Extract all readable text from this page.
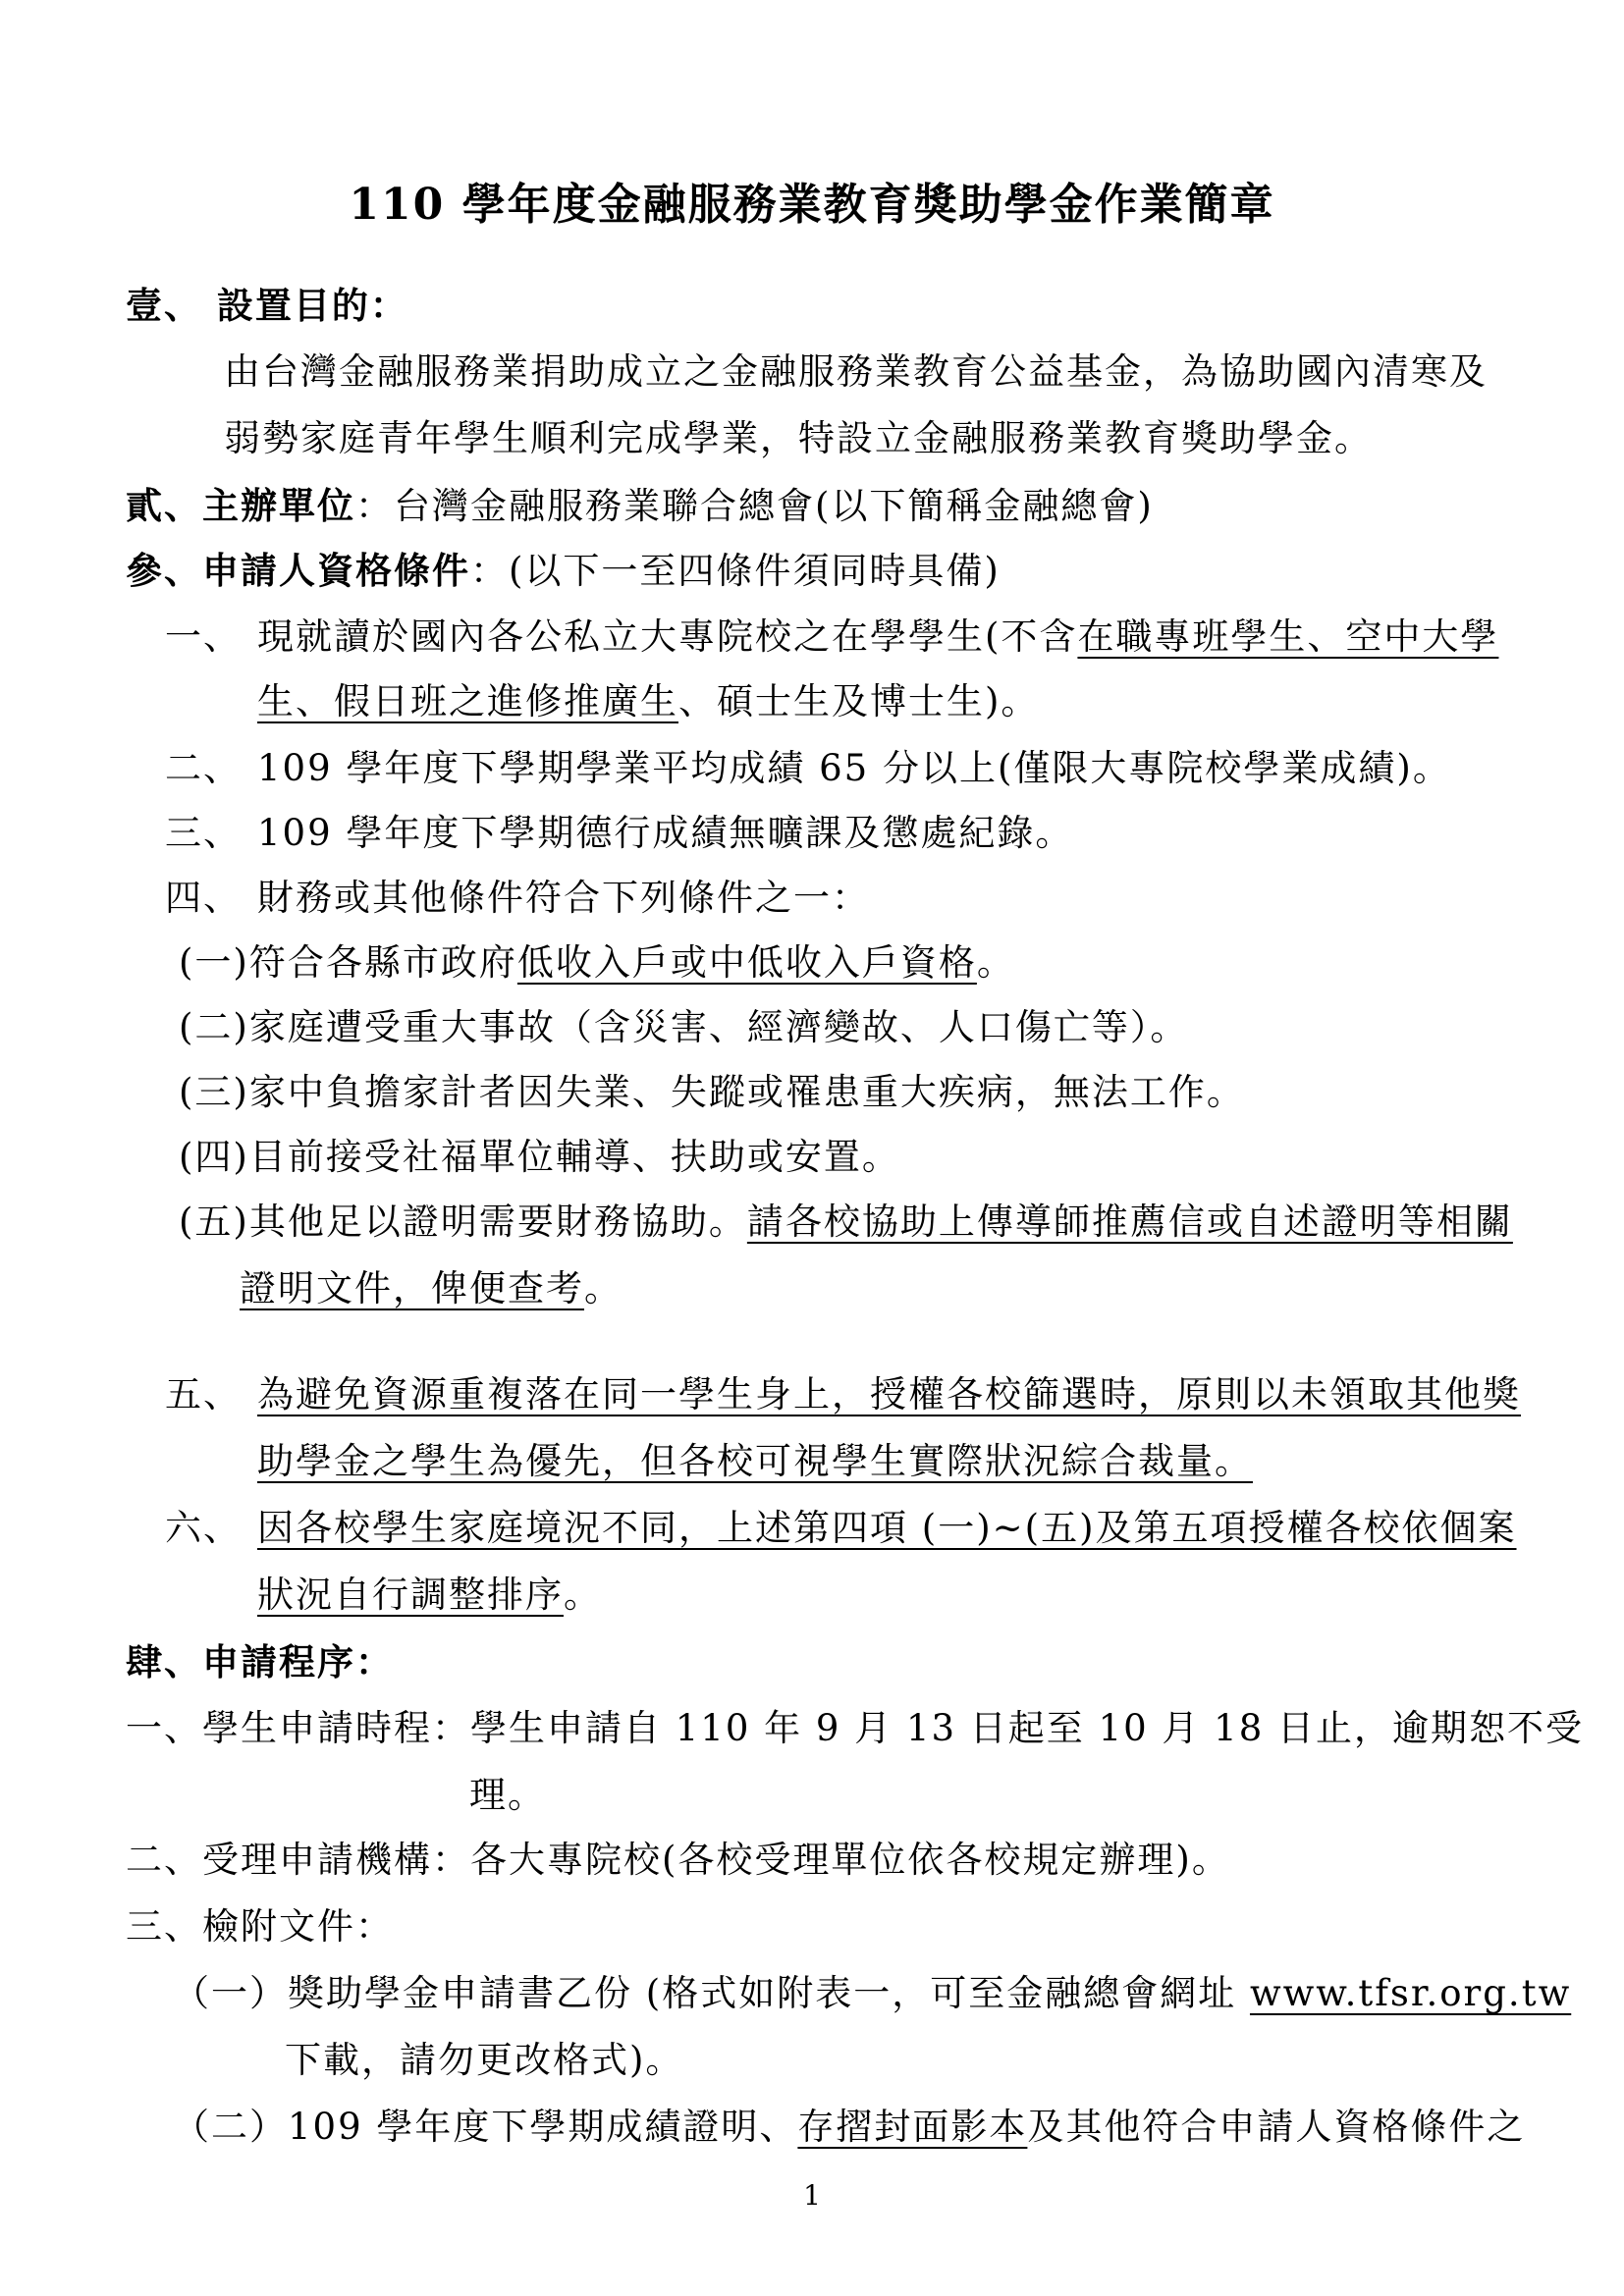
110 學年度金融服務業教育獎助學金作業簡章
壹、 設置目的：
由台灣金融服務業捐助成立之金融服務業教育公益基金，為協助國內清寒及
弱勢家庭青年學生順利完成學業，特設立金融服務業教育獎助學金。
貳、主辦單位：台灣金融服務業聯合總會(以下簡稱金融總會)
參、申請人資格條件：(以下一至四條件須同時具備)
一、 現就讀於國內各公私立大專院校之在學學生(不含在職專班學生、空中大學
生、假日班之進修推廣生、碩士生及博士生)。
二、 109 學年度下學期學業平均成績 65 分以上(僅限大專院校學業成績)。
三、 109 學年度下學期德行成績無曠課及懲處紀錄。
四、 財務或其他條件符合下列條件之一：
(一)符合各縣市政府低收入戶或中低收入戶資格。
(二)家庭遭受重大事故（含災害、經濟變故、人口傷亡等）。
(三)家中負擔家計者因失業、失蹤或罹患重大疾病，無法工作。
(四)目前接受社福單位輔導、扶助或安置。
(五)其他足以證明需要財務協助。請各校協助上傳導師推薦信或自述證明等相關
證明文件，俾便查考。
五、 為避免資源重複落在同一學生身上，授權各校篩選時，原則以未領取其他獎
助學金之學生為優先，但各校可視學生實際狀況綜合裁量。
六、 因各校學生家庭境況不同，上述第四項 (一)~(五)及第五項授權各校依個案
狀況自行調整排序。
肆、申請程序：
一、學生申請時程：學生申請自 110 年 9 月 13 日起至 10 月 18 日止，逾期恕不受
理。
二、受理申請機構：各大專院校(各校受理單位依各校規定辦理)。
三、檢附文件：
（一）獎助學金申請書乙份 (格式如附表一，可至金融總會網址 www.tfsr.org.tw
下載，請勿更改格式)。
（二）109 學年度下學期成績證明、存摺封面影本及其他符合申請人資格條件之
1
